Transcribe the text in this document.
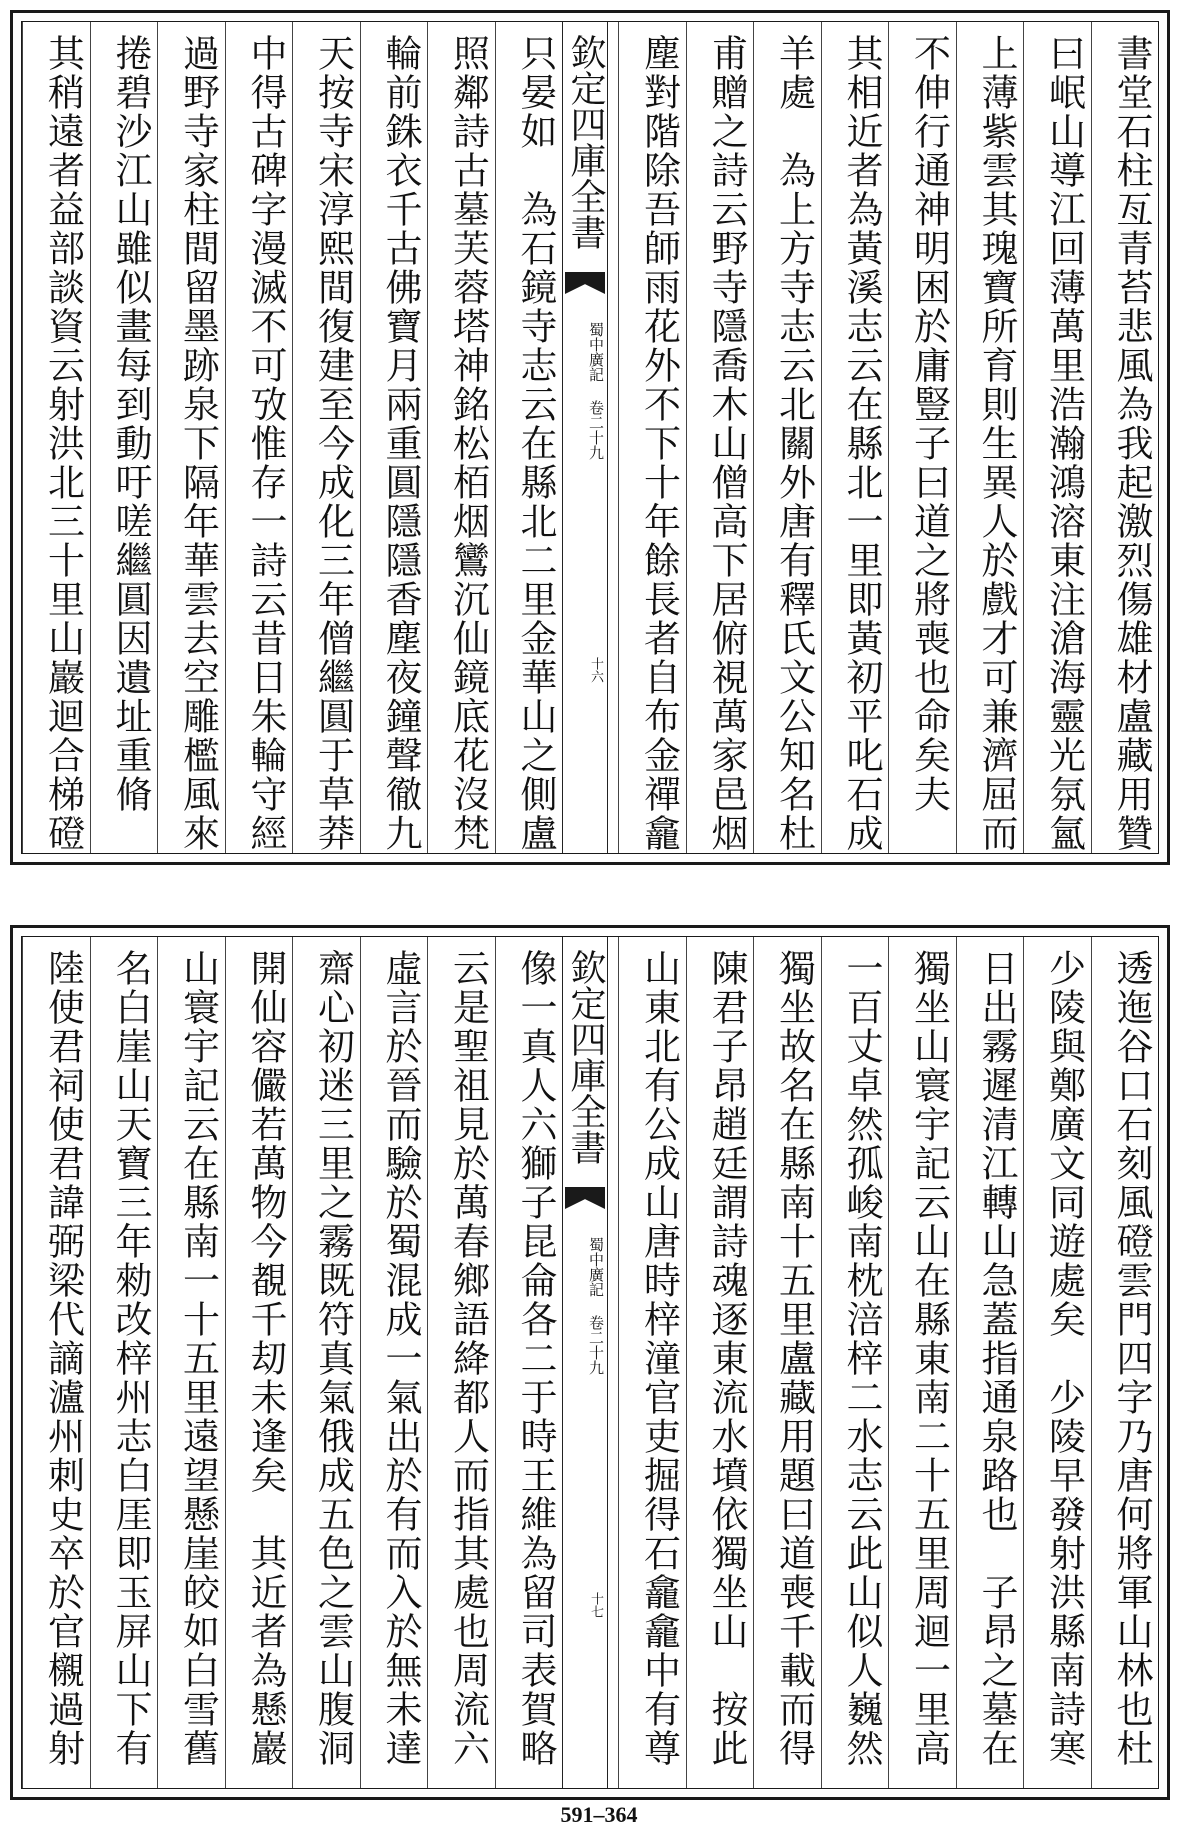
書堂石柱亙青苔悲風為我起激烈傷雄材盧藏用贊
曰岷山導江回薄萬里浩瀚鴻溶東注滄海靈光氛氳
上薄紫雲其瑰寶所育則生異人於戲才可兼濟屈而
不伸行通神明困於庸豎子曰道之將喪也命矣夫
其相近者為黃溪志云在縣北一里即黃初平叱石成
羊處　為上方寺志云北關外唐有釋氏文公知名杜
甫贈之詩云野寺隱喬木山僧高下居俯視萬家邑烟
塵對階除吾師雨花外不下十年餘長者自布金禪龕
欽定四庫全書
蜀中廣記 卷二十九
十六
只晏如　為石鏡寺志云在縣北二里金華山之側盧
照鄰詩古墓芙蓉塔神銘松栢烟鸞沉仙鏡底花沒梵
輪前銖衣千古佛寶月兩重圓隱隱香塵夜鐘聲徹九
天按寺宋淳熙間復建至今成化三年僧繼圓于草莽
中得古碑字漫滅不可攷惟存一詩云昔日朱輪守經
過野寺家柱間留墨跡泉下隔年華雲去空雕檻風來
捲碧沙江山雖似畫每到動吁嗟繼圓因遺址重脩
其稍遠者益部談資云射洪北三十里山巖迴合梯磴
透迤谷口石刻風磴雲門四字乃唐何將軍山林也杜
少陵與鄭廣文同遊處矣　少陵早發射洪縣南詩寒
日出霧遲清江轉山急蓋指通泉路也　子昂之墓在
獨坐山寰宇記云山在縣東南二十五里周迴一里高
一百丈卓然孤峻南枕涪梓二水志云此山似人巍然
獨坐故名在縣南十五里盧藏用題曰道喪千載而得
陳君子昂趙廷謂詩魂逐東流水墳依獨坐山　按此
山東北有公成山唐時梓潼官吏掘得石龕龕中有尊
欽定四庫全書
蜀中廣記 卷二十九
十七
像一真人六獅子昆侖各二于時王維為留司表賀略
云是聖祖見於萬春鄉語絳都人而指其處也周流六
虛言於晉而驗於蜀混成一氣出於有而入於無未達
齋心初迷三里之霧既符真氣俄成五色之雲山腹洞
開仙容儼若萬物今覩千刧未逢矣　其近者為懸巖
山寰宇記云在縣南一十五里遠望懸崖皎如白雪舊
名白崖山天寶三年勑改梓州志白厓即玉屏山下有
陸使君祠使君諱弼梁代謫瀘州刺史卒於官櫬過射
591–364
